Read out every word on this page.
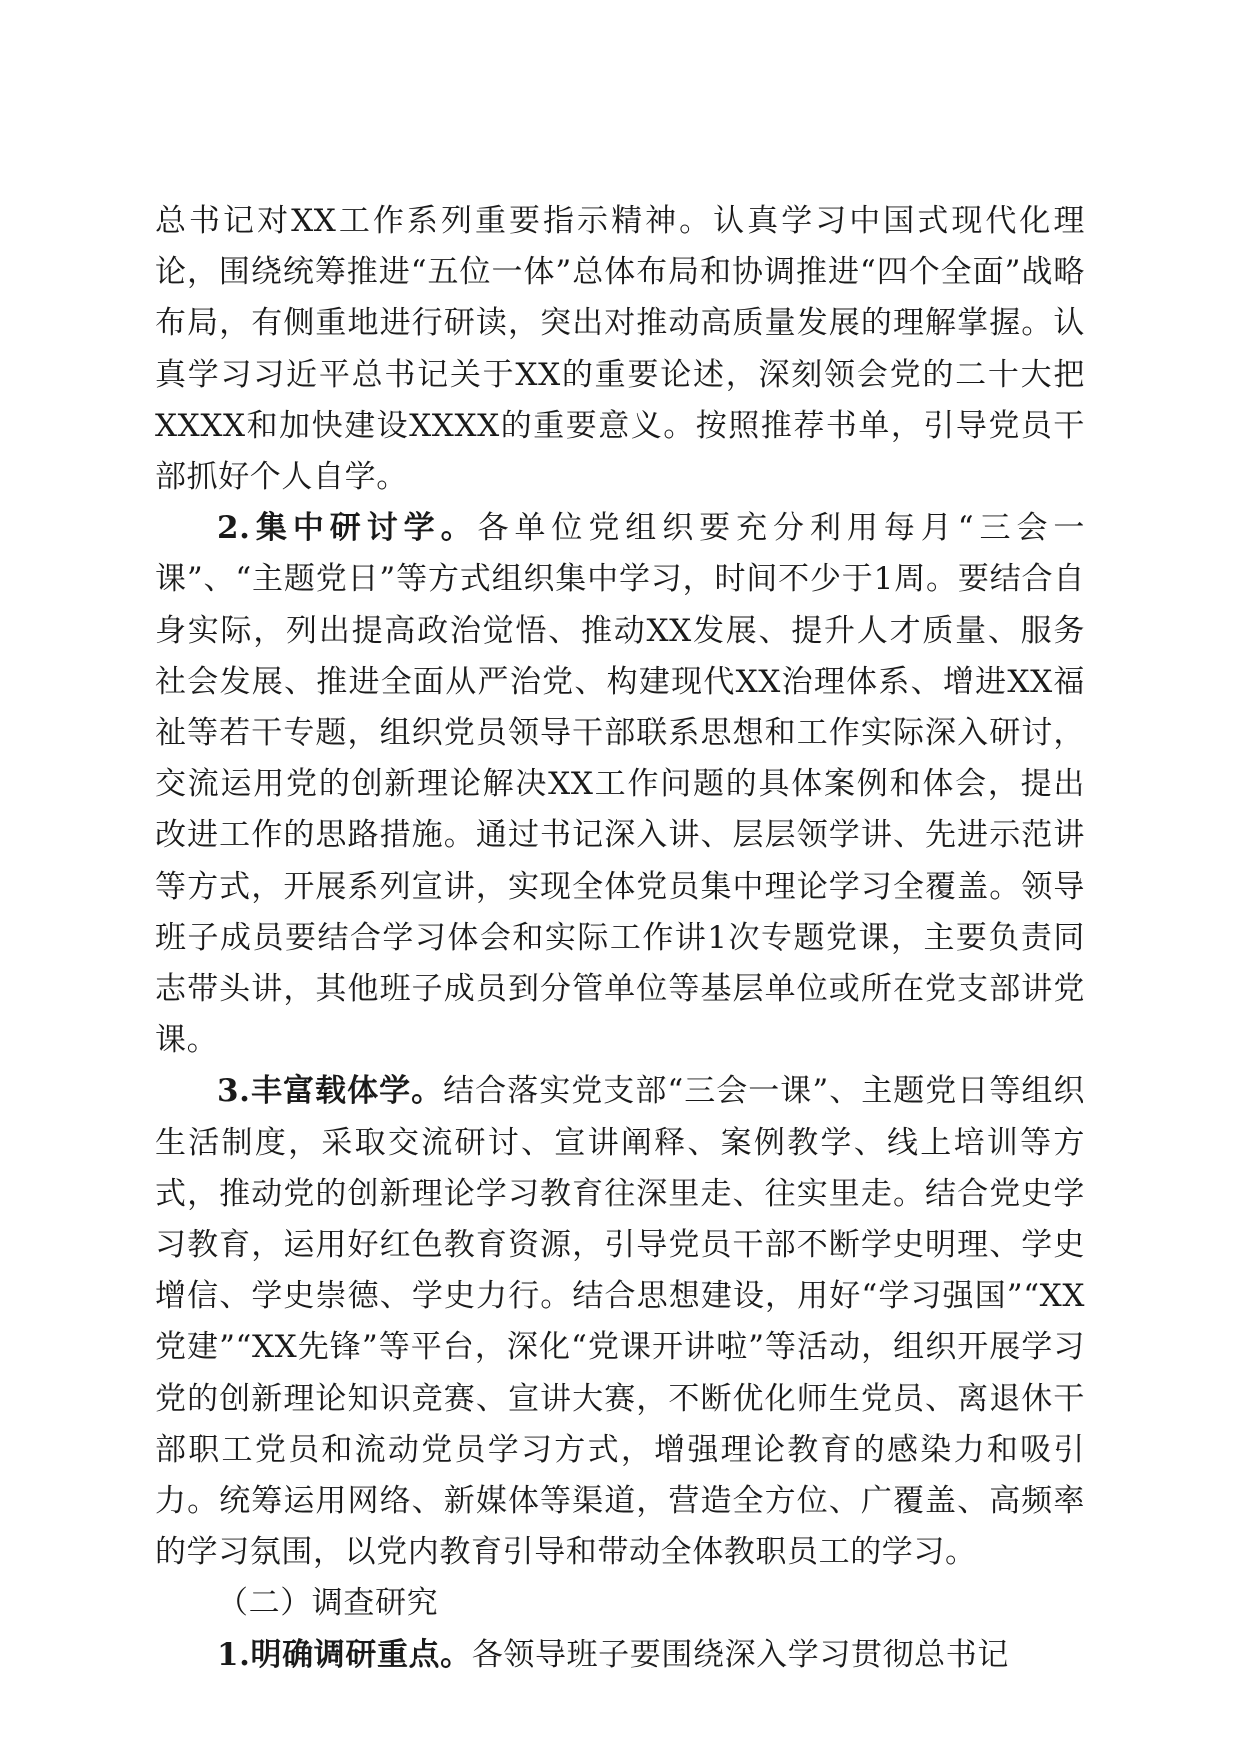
总书记对XX工作系列重要指示精神。认真学习中国式现代化理论，围绕统筹推进“五位一体”总体布局和协调推进“四个全面”战略布局，有侧重地进行研读，突出对推动高质量发展的理解掌握。认真学习习近平总书记关于XX的重要论述，深刻领会党的二十大把XXXX和加快建设XXXX的重要意义。按照推荐书单，引导党员干部抓好个人自学。

2.集中研讨学。各单位党组织要充分利用每月“三会一课”、“主题党日”等方式组织集中学习，时间不少于1周。要结合自身实际，列出提高政治觉悟、推动XX发展、提升人才质量、服务社会发展、推进全面从严治党、构建现代XX治理体系、增进XX福祉等若干专题，组织党员领导干部联系思想和工作实际深入研讨，交流运用党的创新理论解决XX工作问题的具体案例和体会，提出改进工作的思路措施。通过书记深入讲、层层领学讲、先进示范讲等方式，开展系列宣讲，实现全体党员集中理论学习全覆盖。领导班子成员要结合学习体会和实际工作讲1次专题党课，主要负责同志带头讲，其他班子成员到分管单位等基层单位或所在党支部讲党课。

3.丰富载体学。结合落实党支部“三会一课”、主题党日等组织生活制度，采取交流研讨、宣讲阐释、案例教学、线上培训等方式，推动党的创新理论学习教育往深里走、往实里走。结合党史学习教育，运用好红色教育资源，引导党员干部不断学史明理、学史增信、学史崇德、学史力行。结合思想建设，用好“学习强国”“XX党建”“XX先锋”等平台，深化“党课开讲啦”等活动，组织开展学习党的创新理论知识竞赛、宣讲大赛，不断优化师生党员、离退休干部职工党员和流动党员学习方式，增强理论教育的感染力和吸引力。统筹运用网络、新媒体等渠道，营造全方位、广覆盖、高频率的学习氛围，以党内教育引导和带动全体教职员工的学习。

（二）调查研究

1.明确调研重点。各领导班子要围绕深入学习贯彻总书记
